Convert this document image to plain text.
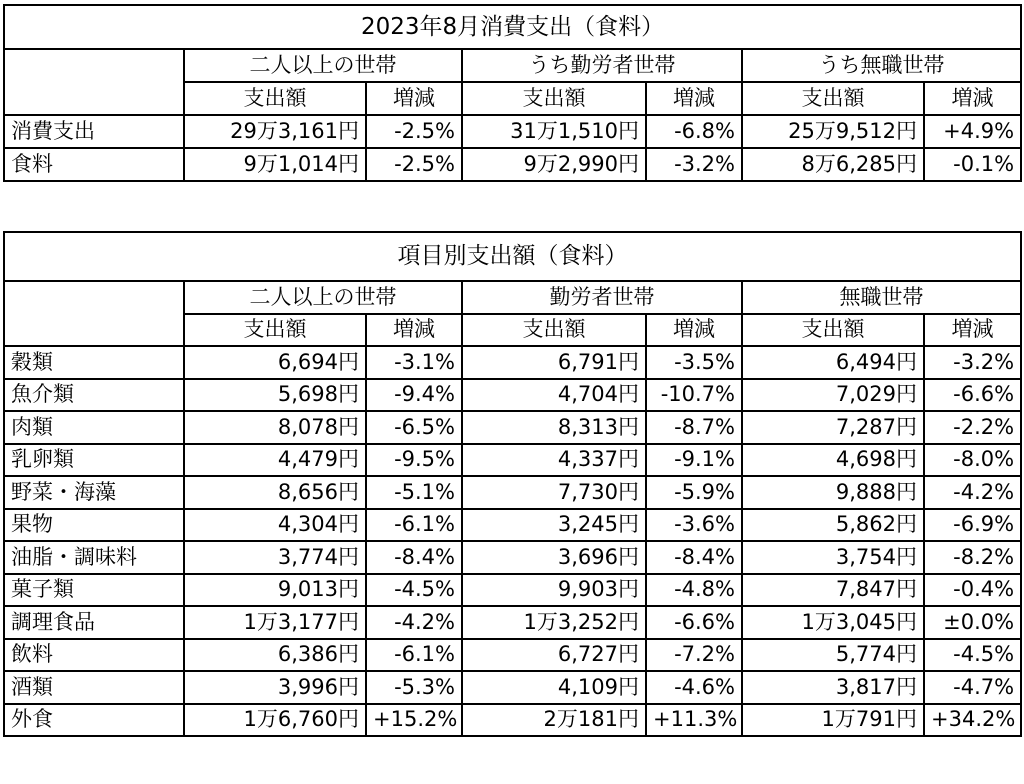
2023年8月消費支出（食料）						
	二人以上の世帯		うち勤労者世帯		うち無職世帯	
	支出額	増減	支出額	増減	支出額	増減
消費支出	29万3,161円	-2.5%	31万1,510円	-6.8%	25万9,512円	+4.9%
食料	9万1,014円	-2.5%	9万2,990円	-3.2%	8万6,285円	-0.1%
項目別支出額（食料）						
	二人以上の世帯		勤労者世帯		無職世帯	
	支出額	増減	支出額	増減	支出額	増減
穀類	6,694円	-3.1%	6,791円	-3.5%	6,494円	-3.2%
魚介類	5,698円	-9.4%	4,704円	-10.7%	7,029円	-6.6%
肉類	8,078円	-6.5%	8,313円	-8.7%	7,287円	-2.2%
乳卵類	4,479円	-9.5%	4,337円	-9.1%	4,698円	-8.0%
野菜・海藻	8,656円	-5.1%	7,730円	-5.9%	9,888円	-4.2%
果物	4,304円	-6.1%	3,245円	-3.6%	5,862円	-6.9%
油脂・調味料	3,774円	-8.4%	3,696円	-8.4%	3,754円	-8.2%
菓子類	9,013円	-4.5%	9,903円	-4.8%	7,847円	-0.4%
調理食品	1万3,177円	-4.2%	1万3,252円	-6.6%	1万3,045円	±0.0%
飲料	6,386円	-6.1%	6,727円	-7.2%	5,774円	-4.5%
酒類	3,996円	-5.3%	4,109円	-4.6%	3,817円	-4.7%
外食	1万6,760円	+15.2%	2万181円	+11.3%	1万791円	+34.2%
